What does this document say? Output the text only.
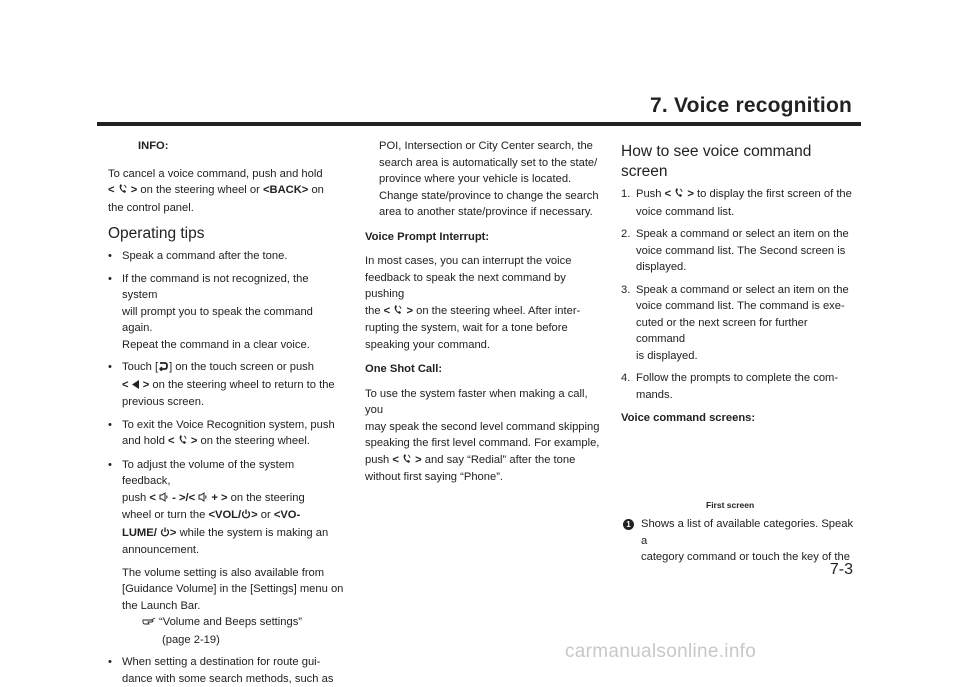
7. Voice recognition

INFO:

To cancel a voice command, push and hold

< > on the steering wheel or <BACK> on

the control panel.

Operating tips

• Speak a command after the tone.

• If the command is not recognized, the system

will prompt you to speak the command again.

Repeat the command in a clear voice.

• Touch [ ] on the touch screen or push

< > on the steering wheel to return to the

previous screen.

• To exit the Voice Recognition system, push

and hold < > on the steering wheel.

• To adjust the volume of the system feedback,

push < - >/< + > on the steering

wheel or turn the <VOL/ > or <VO-

LUME/ > while the system is making an

announcement.

The volume setting is also available from

[Guidance Volume] in the [Settings] menu on

the Launch Bar.

“Volume and Beeps settings”

(page 2-19)

• When setting a destination for route gui-

dance with some search methods, such as

POI, Intersection or City Center search, the

search area is automatically set to the state/

province where your vehicle is located.

Change state/province to change the search

area to another state/province if necessary.

Voice Prompt Interrupt:

In most cases, you can interrupt the voice

feedback to speak the next command by pushing

the < > on the steering wheel. After inter-

rupting the system, wait for a tone before

speaking your command.

One Shot Call:

To use the system faster when making a call, you

may speak the second level command skipping

speaking the first level command. For example,

push < > and say “Redial” after the tone

without first saying “Phone”.

How to see voice command screen

1. Push < > to display the first screen of the

voice command list.

2. Speak a command or select an item on the

voice command list. The Second screen is

displayed.

3. Speak a command or select an item on the

voice command list. The command is exe-

cuted or the next screen for further command

is displayed.

4. Follow the prompts to complete the com-

mands.

Voice command screens:

First screen

1 Shows a list of available categories. Speak a

category command or touch the key of the

7-3
carmanualsonline.info
